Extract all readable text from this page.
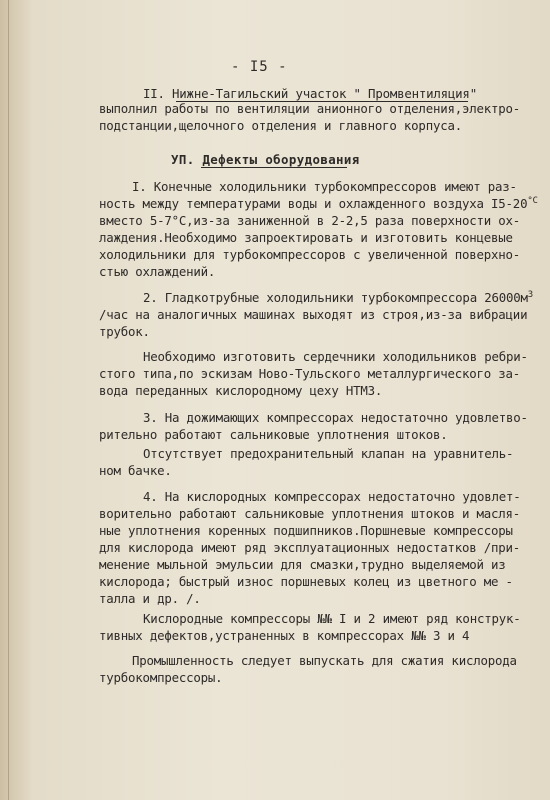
- I5 -
II. Нижне-Тагильский участок " Промвентиляция"
выполнил работы по вентиляции анионного отделения,электро-
подстанции,щелочного отделения и главного корпуса.
УП. Дефекты оборудования
I. Конечные холодильники турбокомпрессоров имеют раз-
ность между температурами воды и охлажденного воздуха $I5-20^{^\circ С}$
вместо 5-7°С,из-за заниженной в 2-2,5 раза поверхности ох-
лаждения.Необходимо запроектировать и изготовить концевые
холодильники для турбокомпрессоров с увеличенной поверхно-
стью охлаждений.
2. Гладкотрубные холодильники турбокомпрессора $26000м^3$
/час на аналогичных машинах выходят из строя,из-за вибрации
трубок.
Необходимо изготовить сердечники холодильников ребри-
стого типа,по эскизам Ново-Тульского металлургического за-
вода переданных кислородному цеху НТМЗ.
3. На дожимающих компрессорах недостаточно удовлетво-
рительно работают сальниковые уплотнения штоков.
Отсутствует предохранительный клапан на уравнитель-
ном бачке.
4. На кислородных компрессорах недостаточно удовлет-
ворительно работают сальниковые уплотнения штоков и масля-
ные уплотнения коренных подшипников.Поршневые компрессоры
для кислорода имеют ряд эксплуатационных недостатков /при-
менение мыльной эмульсии для смазки,трудно выделяемой из
кислорода; быстрый износ поршневых колец из цветного ме -
талла и др. /.
Кислородные компрессоры №№ I и 2 имеют ряд конструк-
тивных дефектов,устраненных в компрессорах №№ 3 и 4
Промышленность следует выпускать для сжатия кислорода
турбокомпрессоры.
